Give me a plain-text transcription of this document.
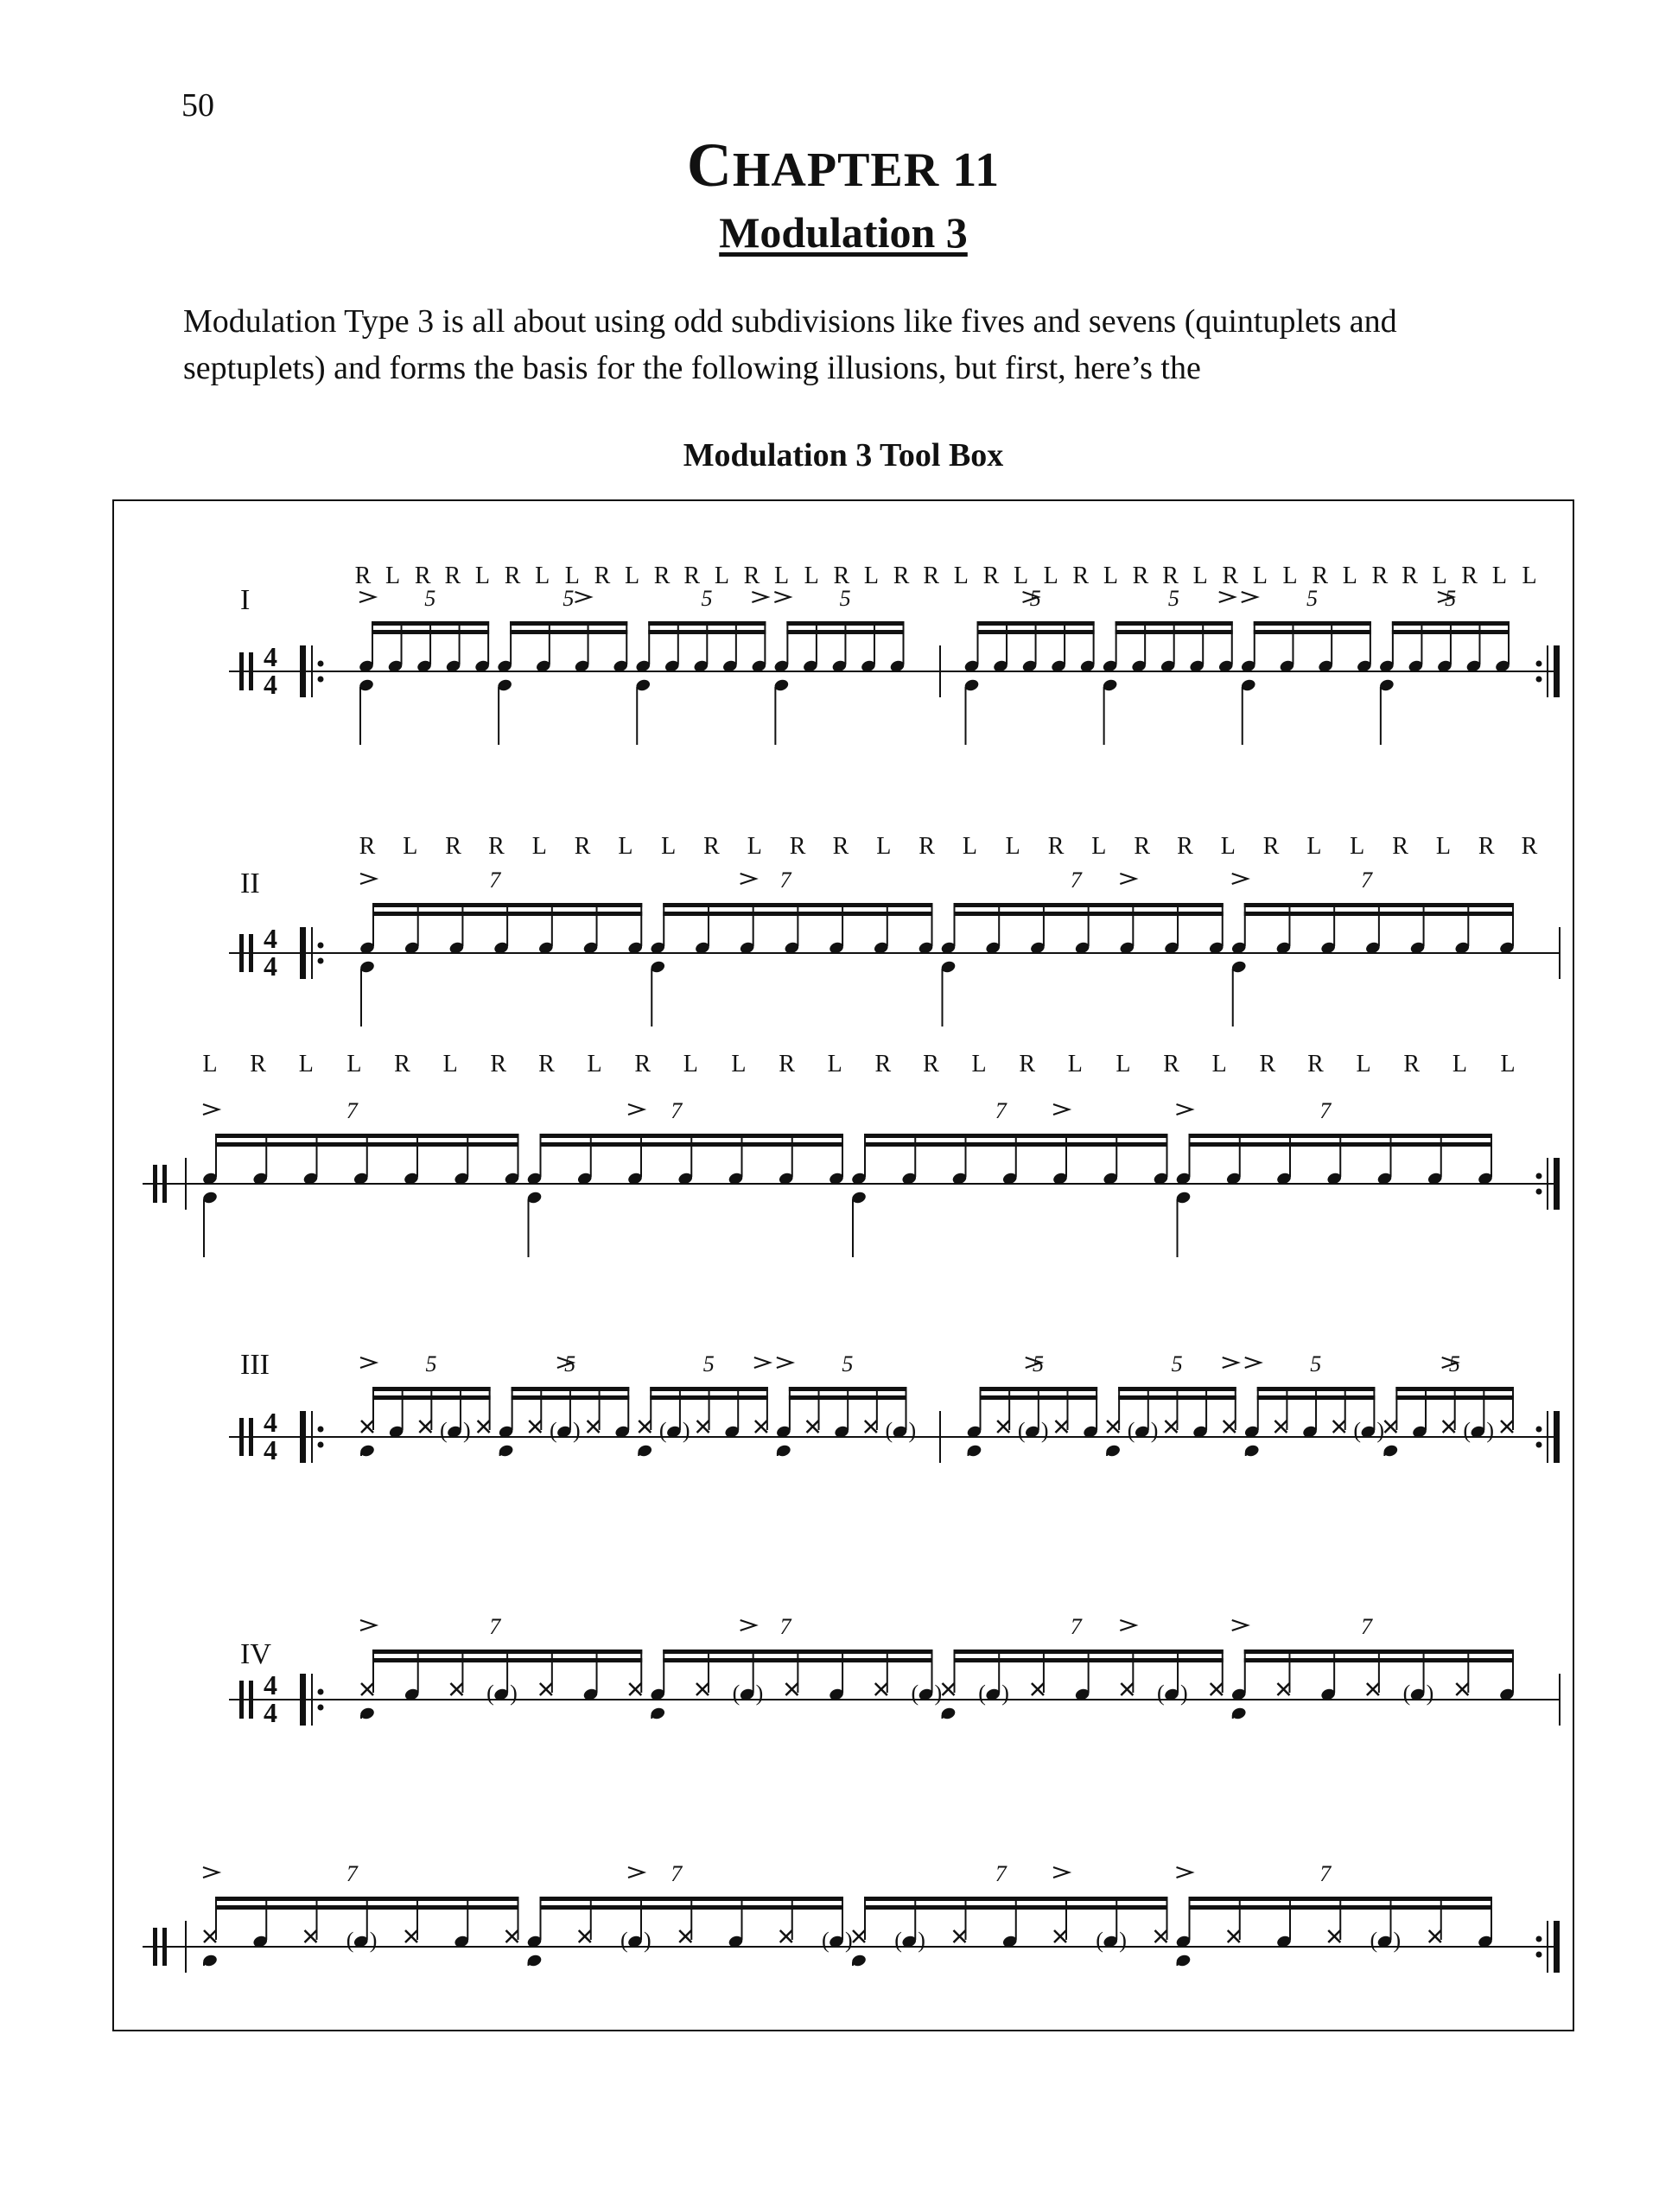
50
CHAPTER 11
Modulation 3
Modulation Type 3 is all about using odd subdivisions like fives and sevens (quintuplets and septuplets) and forms the basis for the following illusions, but first, here’s the
Modulation 3 Tool Box
I
4
4
5	5	5	5	5	5	5	5
R L R R L R L L R L R R L R L L R L R R L R L L R L R R L R L L R L R R L R L L
II
4
4
7	7	7	7
R L R R L R L L R L R R L R L L R L R R L R L L R L R R
7	7	7	7
L R L L R L R R L R L L R L R R L R L L R L R R L R L L
III
4
4
( )
5
( )
5
( )
5
( )
5
( )
5
( )
5
( )
5
( )
5
IV
4
4
( )
7
( )	( )
7
( )	( )
7
( )
7
( )
7
( )	( )
7
( )	( )
7
( )
7
